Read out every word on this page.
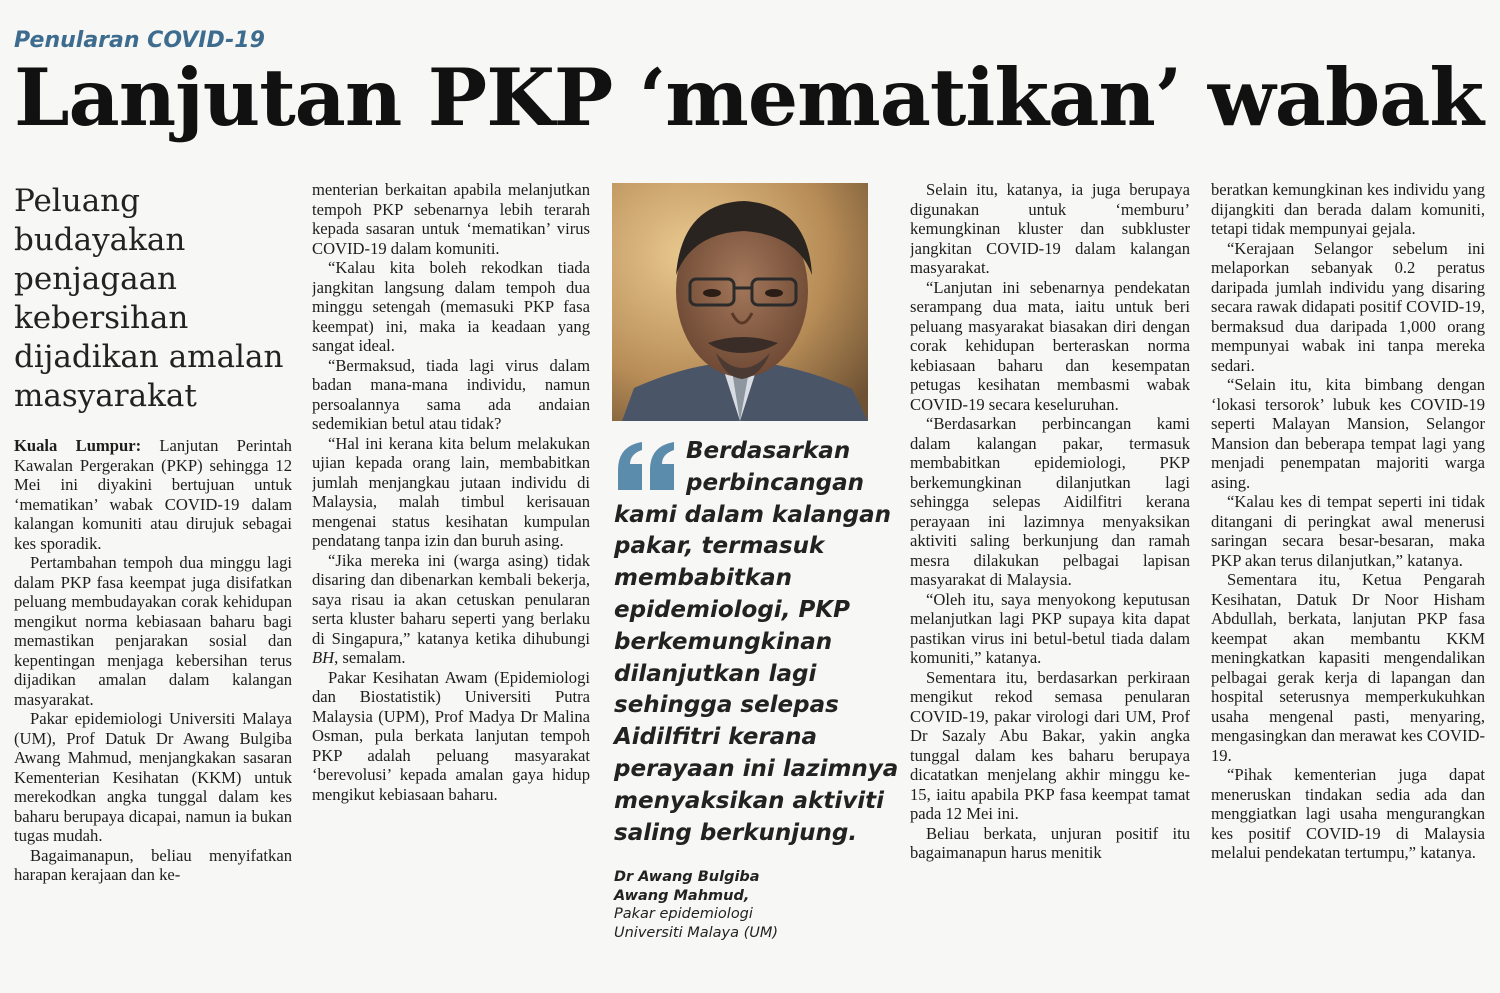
Penularan COVID-19
Lanjutan PKP ‘mematikan’ wabak
Peluang
budayakan
penjagaan
kebersihan
dijadikan amalan
masyarakat

Kuala Lumpur: Lanjutan Perintah Kawalan Pergerakan (PKP) sehingga 12 Mei ini diyakini bertujuan untuk ‘mematikan’ wabak COVID-19 dalam kalangan komuniti atau dirujuk sebagai kes sporadik.

Pertambahan tempoh dua minggu lagi dalam PKP fasa keempat juga disifatkan peluang membudayakan corak kehidupan mengikut norma kebiasaan baharu bagi memastikan penjarakan sosial dan kepentingan menjaga kebersihan terus dijadikan amalan dalam kalangan masyarakat.

Pakar epidemiologi Universiti Malaya (UM), Prof Datuk Dr Awang Bulgiba Awang Mahmud, menjangkakan sasaran Kementerian Kesihatan (KKM) untuk merekodkan angka tunggal dalam kes baharu berupaya dicapai, namun ia bukan tugas mudah.

Bagaimanapun, beliau menyifatkan harapan kerajaan dan ke-

menterian berkaitan apabila melanjutkan tempoh PKP sebenarnya lebih terarah kepada sasaran untuk ‘mematikan’ virus COVID-19 dalam komuniti.

“Kalau kita boleh rekodkan tiada jangkitan langsung dalam tempoh dua minggu setengah (memasuki PKP fasa keempat) ini, maka ia keadaan yang sangat ideal.

“Bermaksud, tiada lagi virus dalam badan mana-mana individu, namun persoalannya sama ada andaian sedemikian betul atau tidak?

“Hal ini kerana kita belum melakukan ujian kepada orang lain, membabitkan jumlah menjangkau jutaan individu di Malaysia, malah timbul kerisauan mengenai status kesihatan kumpulan pendatang tanpa izin dan buruh asing.

“Jika mereka ini (warga asing) tidak disaring dan dibenarkan kembali bekerja, saya risau ia akan cetuskan penularan serta kluster baharu seperti yang berlaku di Singapura,” katanya ketika dihubungi BH, semalam.

Pakar Kesihatan Awam (Epidemiologi dan Biostatistik) Universiti Putra Malaysia (UPM), Prof Madya Dr Malina Osman, pula berkata lanjutan tempoh PKP adalah peluang masyarakat ‘berevolusi’ kepada amalan gaya hidup mengikut kebiasaan baharu.

Berdasarkan
perbincangan
kami dalam kalangan
pakar, termasuk
membabitkan
epidemiologi, PKP
berkemungkinan
dilanjutkan lagi
sehingga selepas
Aidilfitri kerana
perayaan ini lazimnya
menyaksikan aktiviti
saling berkunjung.
Dr Awang Bulgiba
Awang Mahmud,
Pakar epidemiologi
Universiti Malaya (UM)

Selain itu, katanya, ia juga berupaya digunakan untuk ‘memburu’ kemungkinan kluster dan subkluster jangkitan COVID-19 dalam kalangan masyarakat.

“Lanjutan ini sebenarnya pendekatan serampang dua mata, iaitu untuk beri peluang masyarakat biasakan diri dengan corak kehidupan berteraskan norma kebiasaan baharu dan kesempatan petugas kesihatan membasmi wabak COVID-19 secara keseluruhan.

“Berdasarkan perbincangan kami dalam kalangan pakar, termasuk membabitkan epidemiologi, PKP berkemungkinan dilanjutkan lagi sehingga selepas Aidilfitri kerana perayaan ini lazimnya menyaksikan aktiviti saling berkunjung dan ramah mesra dilakukan pelbagai lapisan masyarakat di Malaysia.

“Oleh itu, saya menyokong keputusan melanjutkan lagi PKP supaya kita dapat pastikan virus ini betul-betul tiada dalam komuniti,” katanya.

Sementara itu, berdasarkan perkiraan mengikut rekod semasa penularan COVID-19, pakar virologi dari UM, Prof Dr Sazaly Abu Bakar, yakin angka tunggal dalam kes baharu berupaya dicatatkan menjelang akhir minggu ke-15, iaitu apabila PKP fasa keempat tamat pada 12 Mei ini.

Beliau berkata, unjuran positif itu bagaimanapun harus menitik

beratkan kemungkinan kes individu yang dijangkiti dan berada dalam komuniti, tetapi tidak mempunyai gejala.

“Kerajaan Selangor sebelum ini melaporkan sebanyak 0.2 peratus daripada jumlah individu yang disaring secara rawak didapati positif COVID-19, bermaksud dua daripada 1,000 orang mempunyai wabak ini tanpa mereka sedari.

“Selain itu, kita bimbang dengan ‘lokasi tersorok’ lubuk kes COVID-19 seperti Malayan Mansion, Selangor Mansion dan beberapa tempat lagi yang menjadi penempatan majoriti warga asing.

“Kalau kes di tempat seperti ini tidak ditangani di peringkat awal menerusi saringan secara besar-besaran, maka PKP akan terus dilanjutkan,” katanya.

Sementara itu, Ketua Pengarah Kesihatan, Datuk Dr Noor Hisham Abdullah, berkata, lanjutan PKP fasa keempat akan membantu KKM meningkatkan kapasiti mengendalikan pelbagai gerak kerja di lapangan dan hospital seterusnya memperkukuhkan usaha mengenal pasti, menyaring, mengasingkan dan merawat kes COVID-19.

“Pihak kementerian juga dapat meneruskan tindakan sedia ada dan menggiatkan lagi usaha mengurangkan kes positif COVID-19 di Malaysia melalui pendekatan tertumpu,” katanya.
